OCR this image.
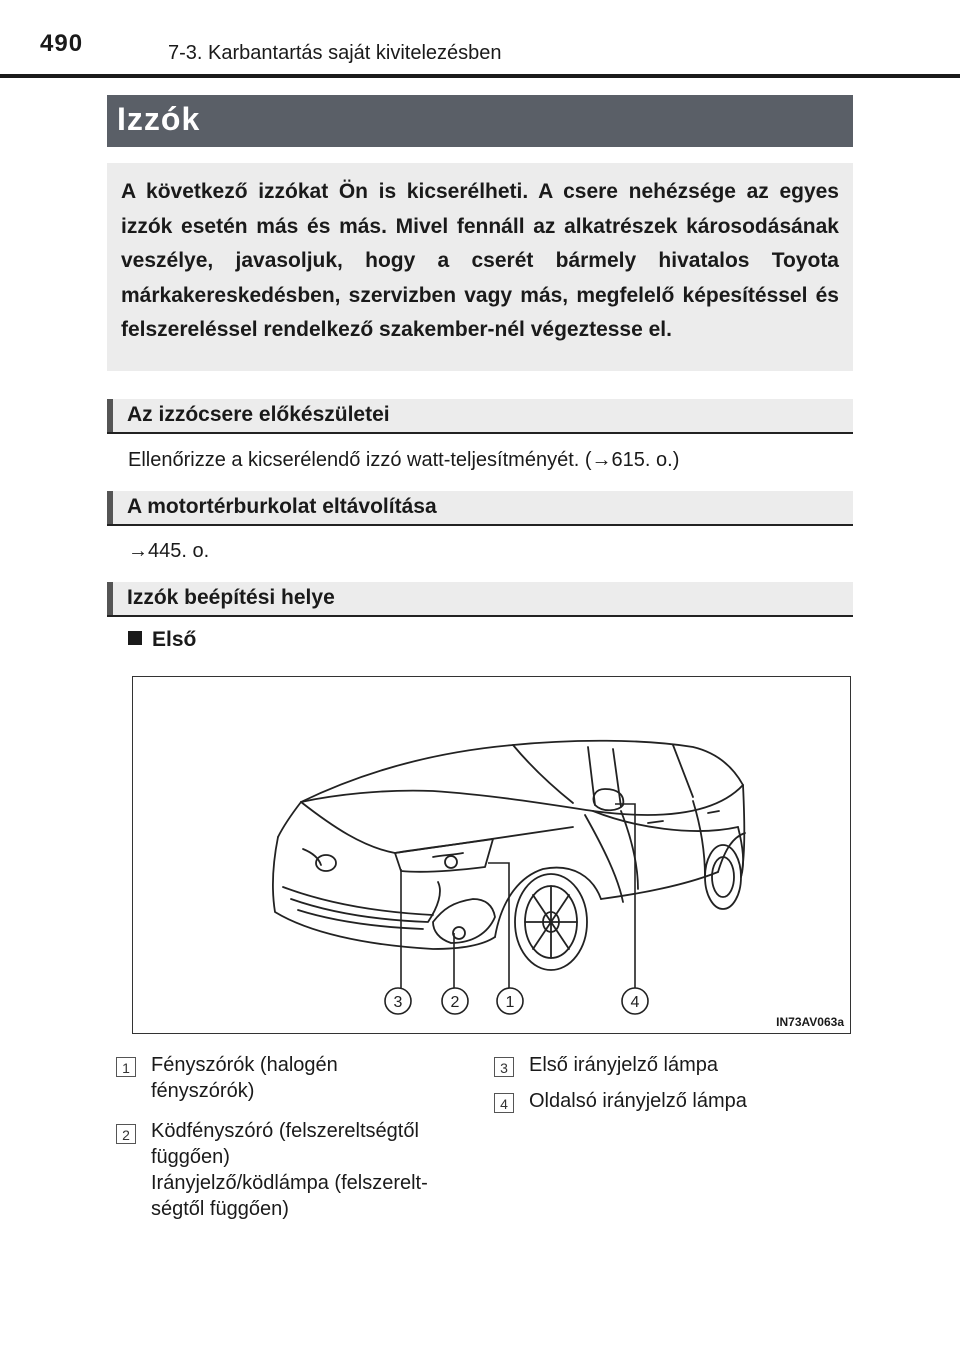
490	7-3. Karbantartás saját kivitelezésben
Izzók

A következő izzókat Ön is kicserélheti. A csere nehézsége az egyes izzók esetén más és más. Mivel fennáll az alkatrészek károsodásának veszélye, javasoljuk, hogy a cserét bármely hivatalos Toyota márkakereskedésben, szervizben vagy más, megfelelő képesítéssel és felszereléssel rendelkező szakember-nél végeztesse el.

Az izzócsere előkészületei
Ellenőrizze a kicserélendő izzó watt-teljesítményét. (→615. o.)
A motortérburkolat eltávolítása
→445. o.
Izzók beépítési helye
Első
3	2	1	4
IN73AV063a
1	Fényszórók (halogén
fényszórók)
2	Ködfényszóró (felszereltségtől
függően)
Irányjelző/ködlámpa (felszerelt-
ségtől függően)
3	Első irányjelző lámpa
4	Oldalsó irányjelző lámpa
